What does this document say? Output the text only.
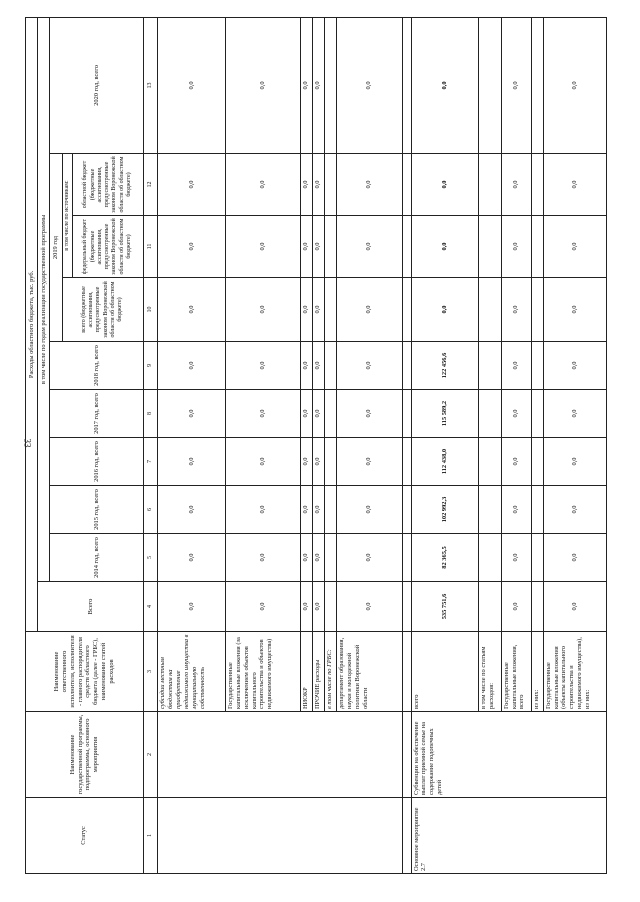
33
Статус	Наименование государственной программы, подпрограммы, основного мероприятия	Наименование ответственного исполнителя, исполнителя - главного распорядителя средств областного бюджета (далее - ГРБС), наименование статей расходов	Расходы областного бюджета, тыс. руб.
Всего	в том числе по годам реализации государственной программы
2014 год, всего	2015 год, всего	2016 год, всего	2017 год, всего	2018 год, всего	2019 год	2020 год, всего
всего (бюджетные ассигнования, предусмотренные законом Воронежской области об областном бюджете)	
в том числе по источникам:федеральный бюджет (бюджетные ассигнования, предусмотренные законом Воронежской области об областном бюджете)	областной бюджет (бюджетные ассигнования, предусмотренные законом Воронежской области об областном бюджете)

1	2	3	4	5	6	7	8	9	10	11	12	13
		субсидии местным бюджетам на приобретение недвижимого имущества в муниципальную собственность	0,0	0,0	0,0	0,0	0,0	0,0	0,0	0,0	0,0	0,0
Государственные капитальные вложения (за исключением объектов капитального строительства и объектов недвижимого имущества)	0,0	0,0	0,0	0,0	0,0	0,0	0,0	0,0	0,0	0,0
НИОКР	0,0	0,0	0,0	0,0	0,0	0,0	0,0	0,0	0,0	0,0
ПРОЧИЕ расходы	0,0	0,0	0,0	0,0	0,0	0,0	0,0	0,0	0,0	0,0
в том числе по ГРБС:										
департамент образования, науки и молодежной политики Воронежской области	0,0	0,0	0,0	0,0	0,0	0,0	0,0	0,0	0,0	0,0

Основное мероприятие 2.7	Субвенции на обеспечение выплат приемной семье на содержание подопечных детей	всего	535 751,6	82 365,5	102 992,3	112 438,0	115 589,2	122 456,6	0,0	0,0	0,0	0,0
в том числе по статьям расходов:										
Государственные капитальные вложения, всего	0,0	0,0	0,0	0,0	0,0	0,0	0,0	0,0	0,0	0,0
из них:										
Государственные капитальные вложения (объекты капитального строительства и недвижимого имущества), из них:	0,0	0,0	0,0	0,0	0,0	0,0	0,0	0,0	0,0	0,0
